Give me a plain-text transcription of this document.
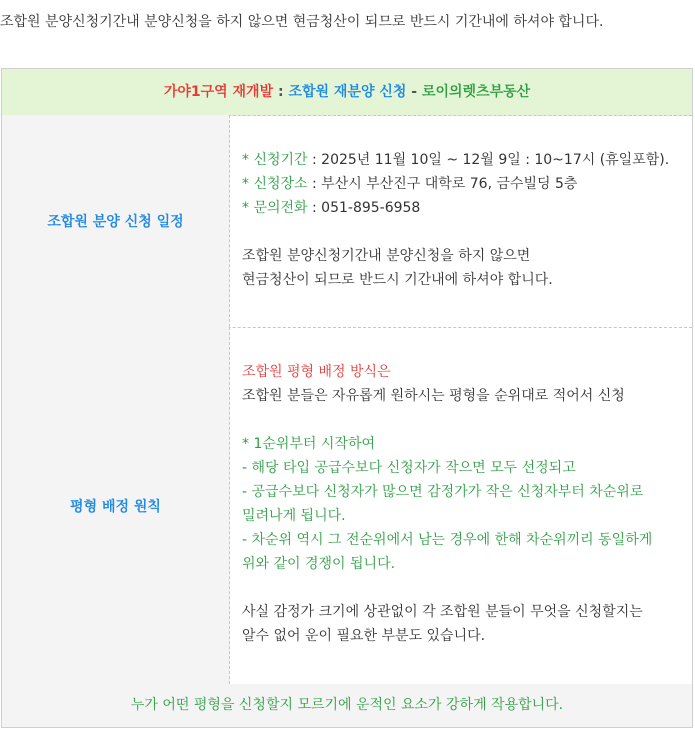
조합원 분양신청기간내 분양신청을 하지 않으면 현금청산이 되므로 반드시 기간내에 하셔야 합니다.
가야1구역 재개발 : 조합원 재분양 신청 - 로이의렛츠부동산
조합원 분양 신청 일정
* 신청기간 : 2025년 11월 10일 ~ 12월 9일 : 10~17시 (휴일포함).
* 신청장소 : 부산시 부산진구 대학로 76, 금수빌딩 5층
* 문의전화 : 051-895-6958
조합원 분양신청기간내 분양신청을 하지 않으면
현금청산이 되므로 반드시 기간내에 하셔야 합니다.
평형 배정 원칙
조합원 평형 배정 방식은
조합원 분들은 자유롭게 원하시는 평형을 순위대로 적어서 신청
* 1순위부터 시작하여
- 해당 타입 공급수보다 신청자가 작으면 모두 선정되고
- 공급수보다 신청자가 많으면 감정가가 작은 신청자부터 차순위로
밀려나게 됩니다.
- 차순위 역시 그 전순위에서 남는 경우에 한해 차순위끼리 동일하게
위와 같이 경쟁이 됩니다.
사실 감정가 크기에 상관없이 각 조합원 분들이 무엇을 신청할지는
알수 없어 운이 필요한 부분도 있습니다.
누가 어떤 평형을 신청할지 모르기에 운적인 요소가 강하게 작용합니다.
